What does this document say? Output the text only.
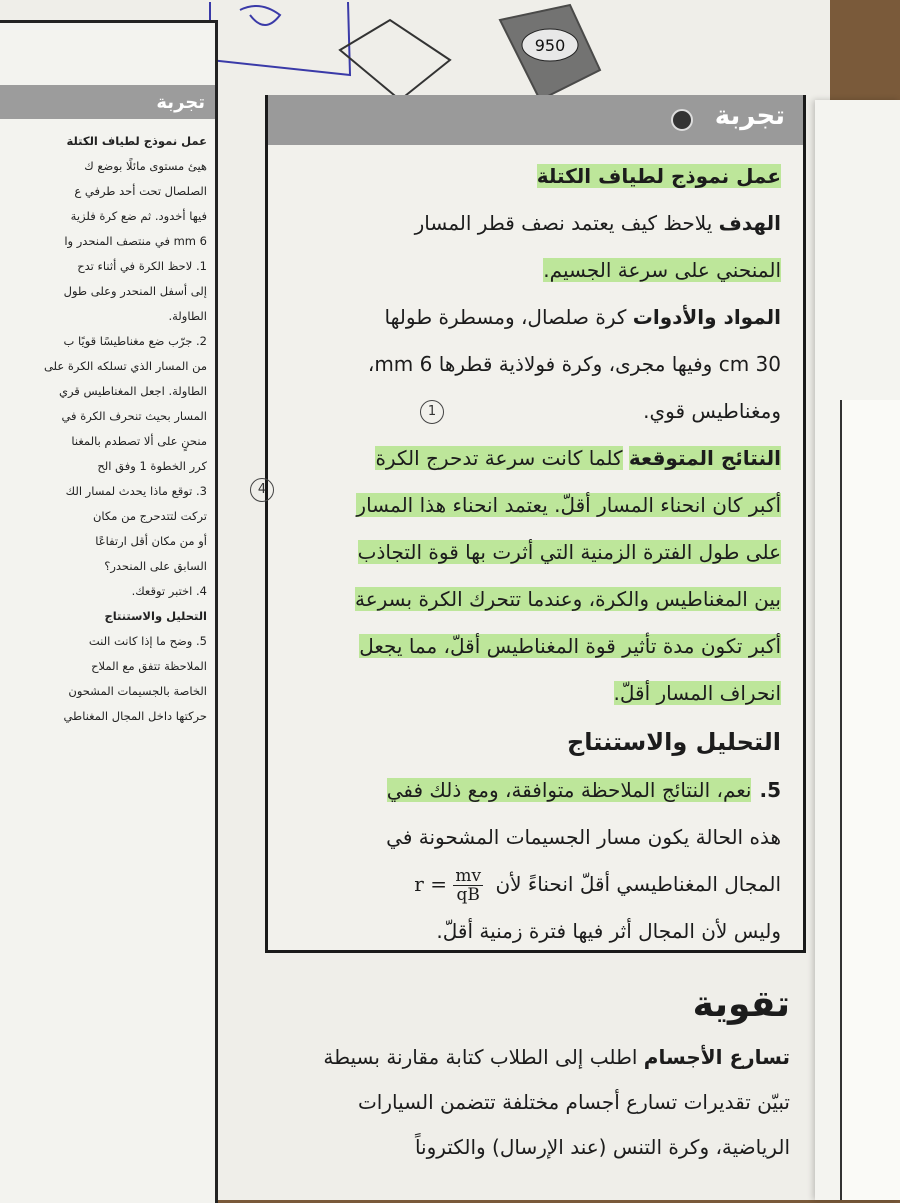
950
تجربة
عمل نموذج لطياف الكتلة
هيئ مستوى مائلًا بوضع ك
الصلصال تحت أحد طرفي ع
فيها أخدود. ثم ضع كرة فلزية
6 mm في منتصف المنحدر وا
1. لاحظ الكرة في أثناء تدح
إلى أسفل المنحدر وعلى طول
الطاولة.
2. جرّب ضع مغناطيسًا قويًا ب
من المسار الذي تسلكه الكرة على
الطاولة. اجعل المغناطيس قري
المسار بحيث تنحرف الكرة في
منحنٍ على ألا تصطدم بالمغنا
كرر الخطوة 1 وفق الح
3. توقع ماذا يحدث لمسار الك
تركت لتتدحرج من مكان
أو من مكان أقل ارتفاعًا
السابق على المنحدر؟
4. اختبر توقعك.
التحليل والاستنتاج
5. وضح ما إذا كانت النت
الملاحظة تتفق مع الملاح
الخاصة بالجسيمات المشحون
حركتها داخل المجال المغناطي
تجربة
عمل نموذج لطياف الكتلة
الهدف يلاحظ كيف يعتمد نصف قطر المسار
المنحني على سرعة الجسيم.
المواد والأدوات كرة صلصال، ومسطرة طولها
30 cm وفيها مجرى، وكرة فولاذية قطرها 6 mm،
ومغناطيس قوي.
النتائج المتوقعة كلما كانت سرعة تدحرج الكرة
أكبر كان انحناء المسار أقلّ. يعتمد انحناء هذا المسار
على طول الفترة الزمنية التي أثرت بها قوة التجاذب
بين المغناطيس والكرة، وعندما تتحرك الكرة بسرعة
أكبر تكون مدة تأثير قوة المغناطيس أقلّ، مما يجعل
انحراف المسار أقلّ.
التحليل والاستنتاج
5.نعم، النتائج الملاحظة متوافقة، ومع ذلك ففي
هذه الحالة يكون مسار الجسيمات المشحونة في
المجال المغناطيسي أقلّ انحناءً لأن $r = \frac{mv}{qB}$
وليس لأن المجال أثر فيها فترة زمنية أقلّ.
1
4
تقوية
تسارع الأجسام اطلب إلى الطلاب كتابة مقارنة بسيطة
تبيّن تقديرات تسارع أجسام مختلفة تتضمن السيارات
الرياضية، وكرة التنس (عند الإرسال) والكتروناً
